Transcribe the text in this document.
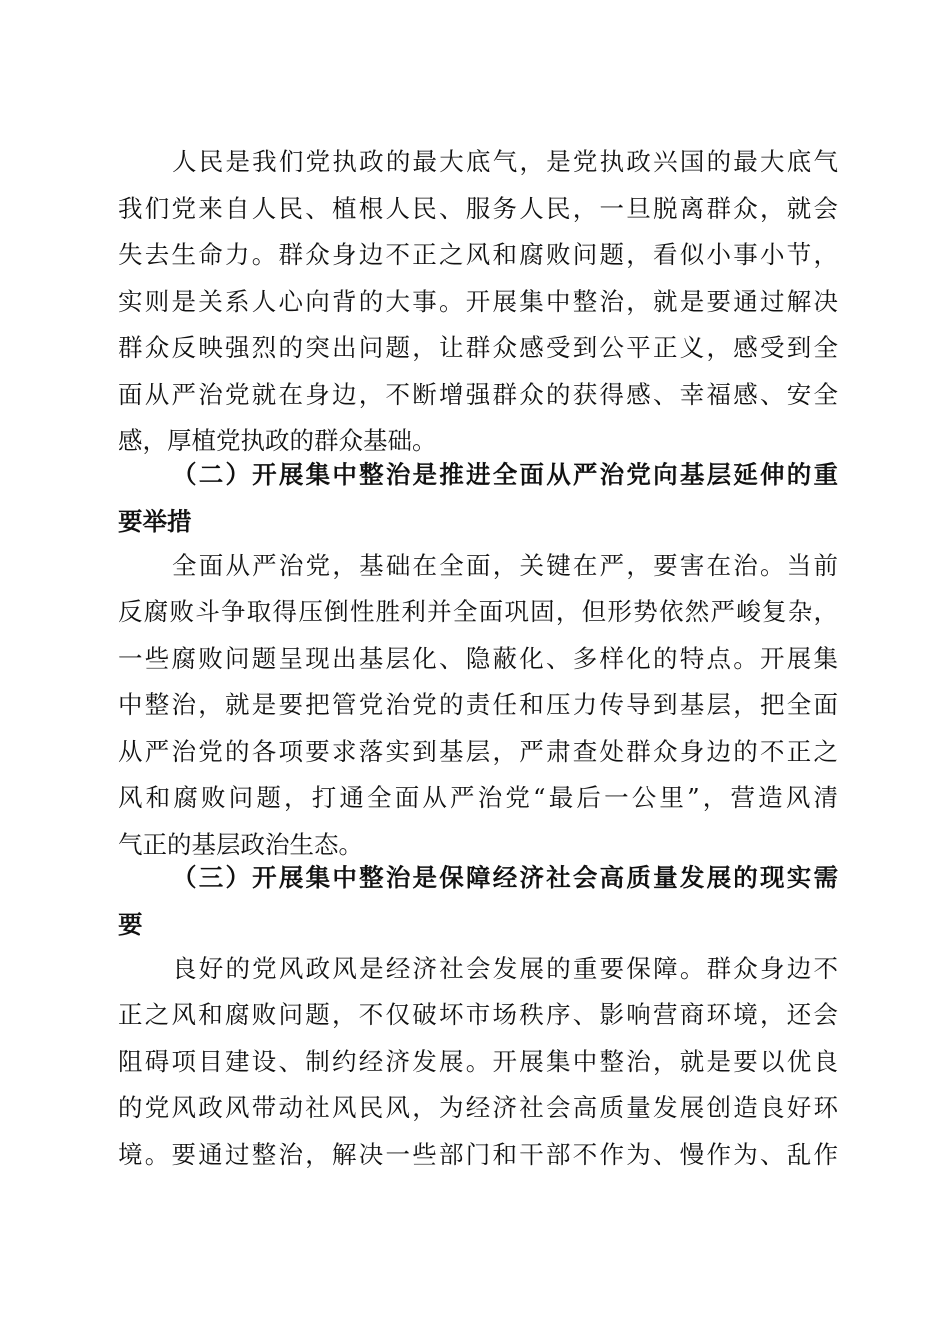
人民是我们党执政的最大底气，是党执政兴国的最大底气
我们党来自人民、植根人民、服务人民，一旦脱离群众，就会
失去生命力。群众身边不正之风和腐败问题，看似小事小节，
实则是关系人心向背的大事。开展集中整治，就是要通过解决
群众反映强烈的突出问题，让群众感受到公平正义，感受到全
面从严治党就在身边，不断增强群众的获得感、幸福感、安全
感，厚植党执政的群众基础。
（二）开展集中整治是推进全面从严治党向基层延伸的重
要举措
全面从严治党，基础在全面，关键在严，要害在治。当前
反腐败斗争取得压倒性胜利并全面巩固，但形势依然严峻复杂，
一些腐败问题呈现出基层化、隐蔽化、多样化的特点。开展集
中整治，就是要把管党治党的责任和压力传导到基层，把全面
从严治党的各项要求落实到基层，严肃查处群众身边的不正之
风和腐败问题，打通全面从严治党“最后一公里”，营造风清
气正的基层政治生态。
（三）开展集中整治是保障经济社会高质量发展的现实需
要
良好的党风政风是经济社会发展的重要保障。群众身边不
正之风和腐败问题，不仅破坏市场秩序、影响营商环境，还会
阻碍项目建设、制约经济发展。开展集中整治，就是要以优良
的党风政风带动社风民风，为经济社会高质量发展创造良好环
境。要通过整治，解决一些部门和干部不作为、慢作为、乱作
